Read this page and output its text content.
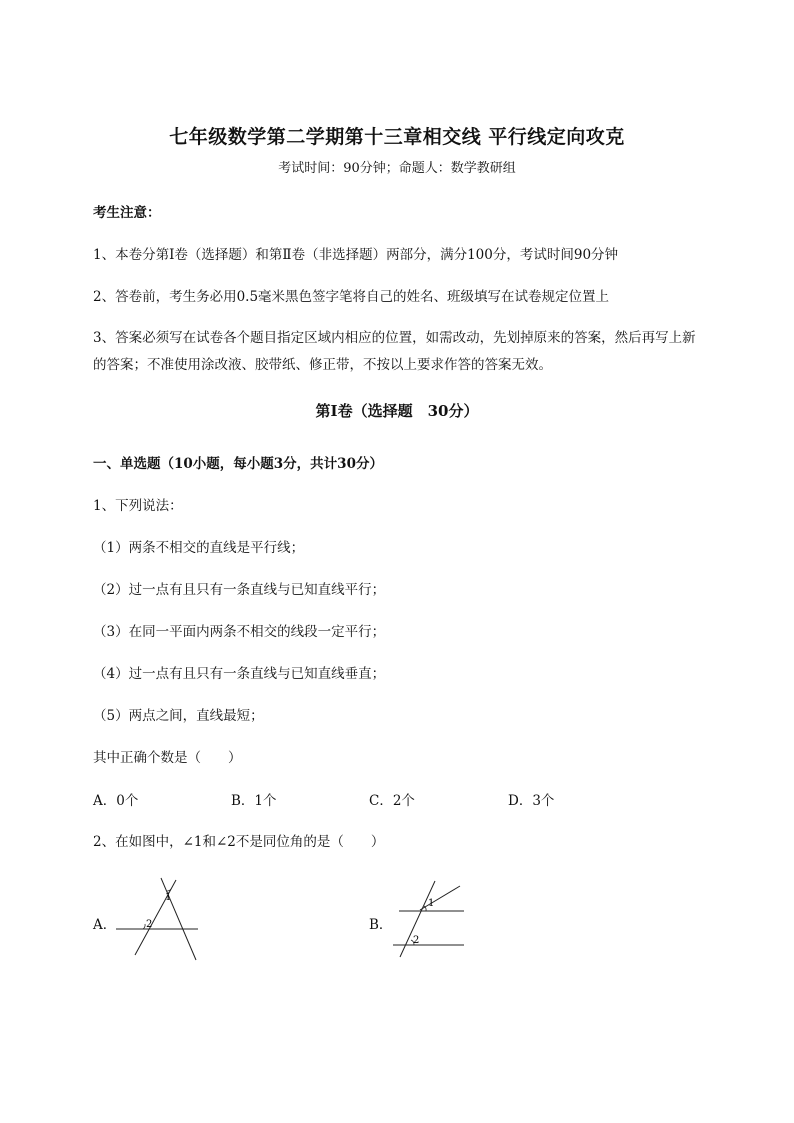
七年级数学第二学期第十三章相交线 平行线定向攻克
考试时间：90分钟；命题人：数学教研组
考生注意：
1、本卷分第I卷（选择题）和第Ⅱ卷（非选择题）两部分，满分100分，考试时间90分钟
2、答卷前，考生务必用0.5毫米黑色签字笔将自己的姓名、班级填写在试卷规定位置上
3、答案必须写在试卷各个题目指定区域内相应的位置，如需改动，先划掉原来的答案，然后再写上新
的答案；不准使用涂改液、胶带纸、修正带，不按以上要求作答的答案无效。
第I卷（选择题　30分）
一、单选题（10小题，每小题3分，共计30分）
1、下列说法：
（1）两条不相交的直线是平行线；
（2）过一点有且只有一条直线与已知直线平行；
（3）在同一平面内两条不相交的线段一定平行；
（4）过一点有且只有一条直线与已知直线垂直；
（5）两点之间，直线最短；
其中正确个数是（　　）
A．0个	B．1个	C．2个	D．3个
2、在如图中，∠1和∠2不是同位角的是（　　）
A．
1
2	B．
1
2
